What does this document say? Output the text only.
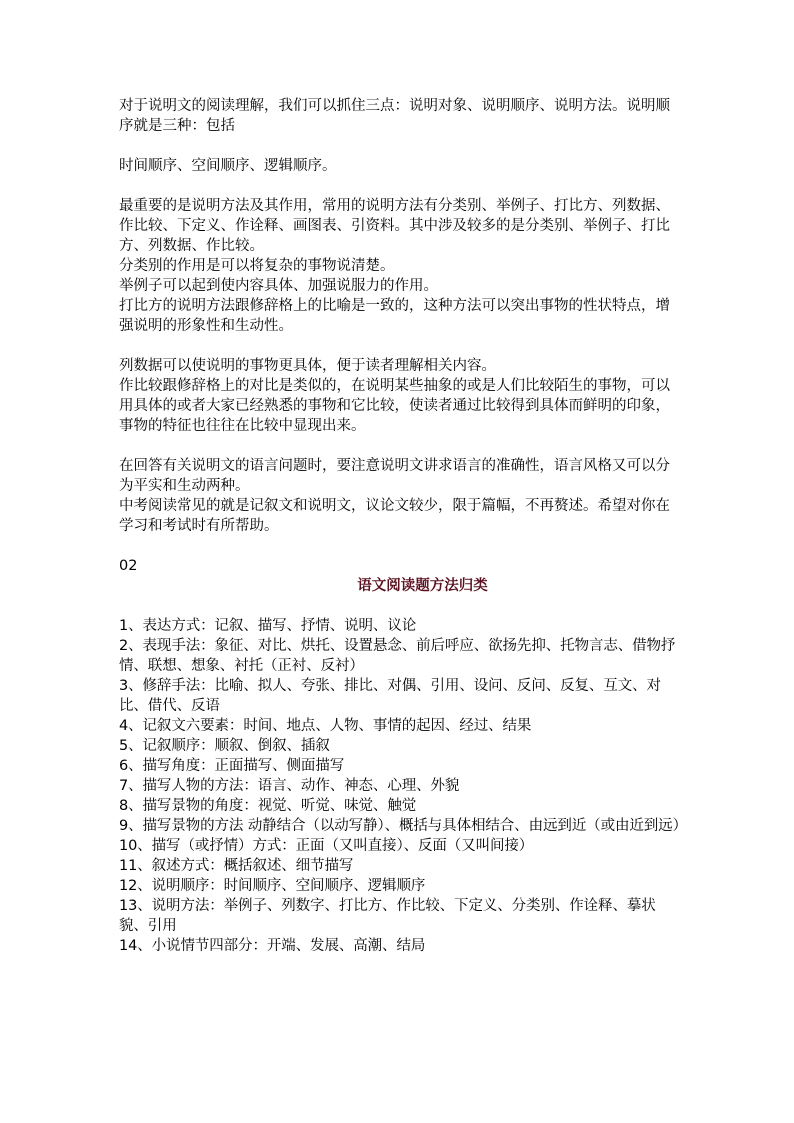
对于说明文的阅读理解，我们可以抓住三点：说明对象、说明顺序、说明方法。说明顺序就是三种：包括

时间顺序、空间顺序、逻辑顺序。

最重要的是说明方法及其作用，常用的说明方法有分类别、举例子、打比方、列数据、作比较、下定义、作诠释、画图表、引资料。其中涉及较多的是分类别、举例子、打比方、列数据、作比较。

分类别的作用是可以将复杂的事物说清楚。

举例子可以起到使内容具体、加强说服力的作用。

打比方的说明方法跟修辞格上的比喻是一致的，这种方法可以突出事物的性状特点，增强说明的形象性和生动性。

列数据可以使说明的事物更具体，便于读者理解相关内容。

作比较跟修辞格上的对比是类似的，在说明某些抽象的或是人们比较陌生的事物，可以用具体的或者大家已经熟悉的事物和它比较，使读者通过比较得到具体而鲜明的印象，事物的特征也往往在比较中显现出来。

在回答有关说明文的语言问题时，要注意说明文讲求语言的准确性，语言风格又可以分为平实和生动两种。

中考阅读常见的就是记叙文和说明文，议论文较少，限于篇幅，不再赘述。希望对你在学习和考试时有所帮助。

02

语文阅读题方法归类

1、表达方式：记叙、描写、抒情、说明、议论

2、表现手法：象征、对比、烘托、设置悬念、前后呼应、欲扬先抑、托物言志、借物抒情、联想、想象、衬托（正衬、反衬）

3、修辞手法：比喻、拟人、夸张、排比、对偶、引用、设问、反问、反复、互文、对比、借代、反语

4、记叙文六要素：时间、地点、人物、事情的起因、经过、结果

5、记叙顺序：顺叙、倒叙、插叙

6、描写角度：正面描写、侧面描写

7、描写人物的方法：语言、动作、神态、心理、外貌

8、描写景物的角度：视觉、听觉、味觉、触觉

9、描写景物的方法 动静结合（以动写静）、概括与具体相结合、由远到近（或由近到远）

10、描写（或抒情）方式：正面（又叫直接）、反面（又叫间接）

11、叙述方式：概括叙述、细节描写

12、说明顺序：时间顺序、空间顺序、逻辑顺序

13、说明方法：举例子、列数字、打比方、作比较、下定义、分类别、作诠释、摹状貌、引用

14、小说情节四部分：开端、发展、高潮、结局
